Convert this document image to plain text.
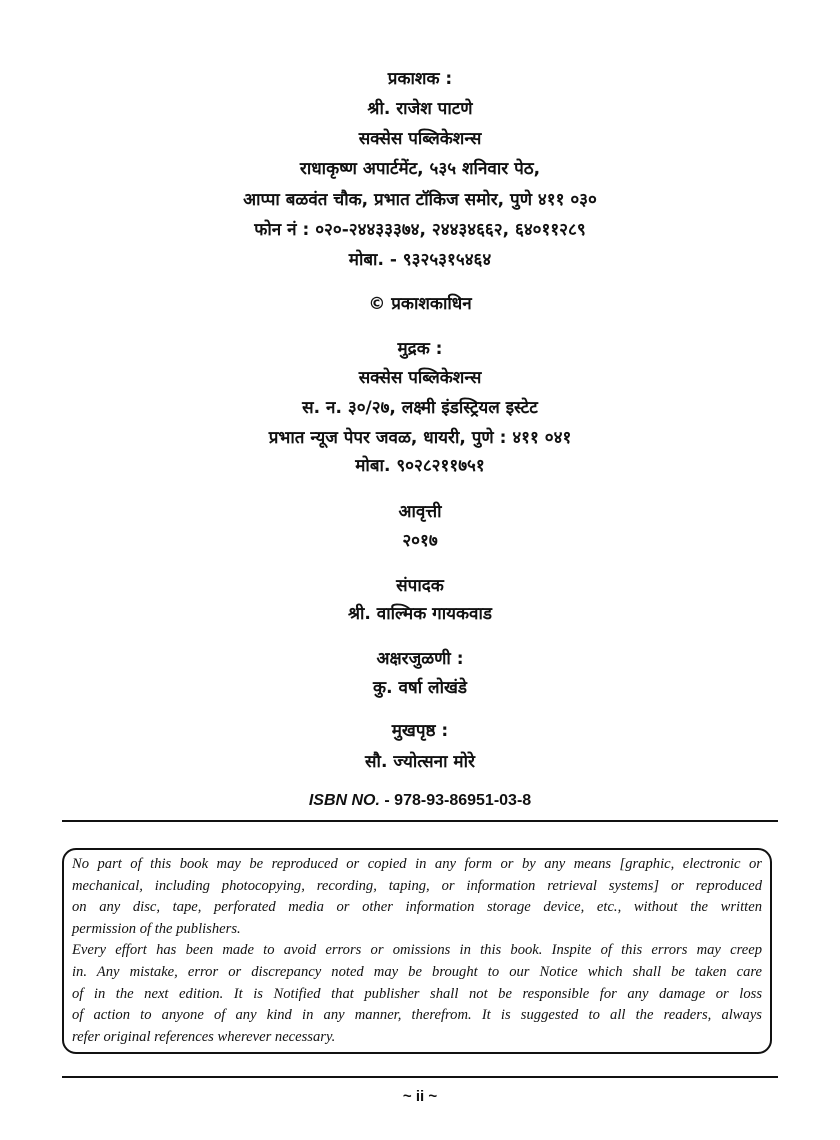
प्रकाशक :
श्री. राजेश पाटणे
सक्सेस पब्लिकेशन्स
राधाकृष्ण अपार्टमेंट, ५३५ शनिवार पेठ,
आप्पा बळवंत चौक, प्रभात टॉकिज समोर, पुणे ४११ ०३०
फोन नं : ०२०-२४४३३३७४, २४४३४६६२, ६४०११२८९
मोबा. - ९३२५३१५४६४
© प्रकाशकाधिन
मुद्रक :
सक्सेस पब्लिकेशन्स
स. न. ३०/२७, लक्ष्मी इंडस्ट्रियल इस्टेट
प्रभात न्यूज पेपर जवळ, धायरी, पुणे : ४११ ०४१
मोबा. ९०२८२११७५१
आवृत्ती
२०१७
संपादक
श्री. वाल्मिक गायकवाड
अक्षरजुळणी :
कु. वर्षा लोखंडे
मुखपृष्ठ :
सौ. ज्योत्सना मोरे
ISBN NO. - 978-93-86951-03-8
No part of this book may be reproduced or copied in any form or by any means [graphic, electronic or
mechanical, including photocopying, recording, taping, or information retrieval systems] or reproduced
on any disc, tape, perforated media or other information storage device, etc., without the written
permission of the publishers.
Every effort has been made to avoid errors or omissions in this book. Inspite of this errors may creep
in. Any mistake, error or discrepancy noted may be brought to our Notice which shall be taken care
of in the next edition. It is Notified that publisher shall not be responsible for any damage or loss
of action to anyone of any kind in any manner, therefrom. It is suggested to all the readers, always
refer original references wherever necessary.
~ ii ~
